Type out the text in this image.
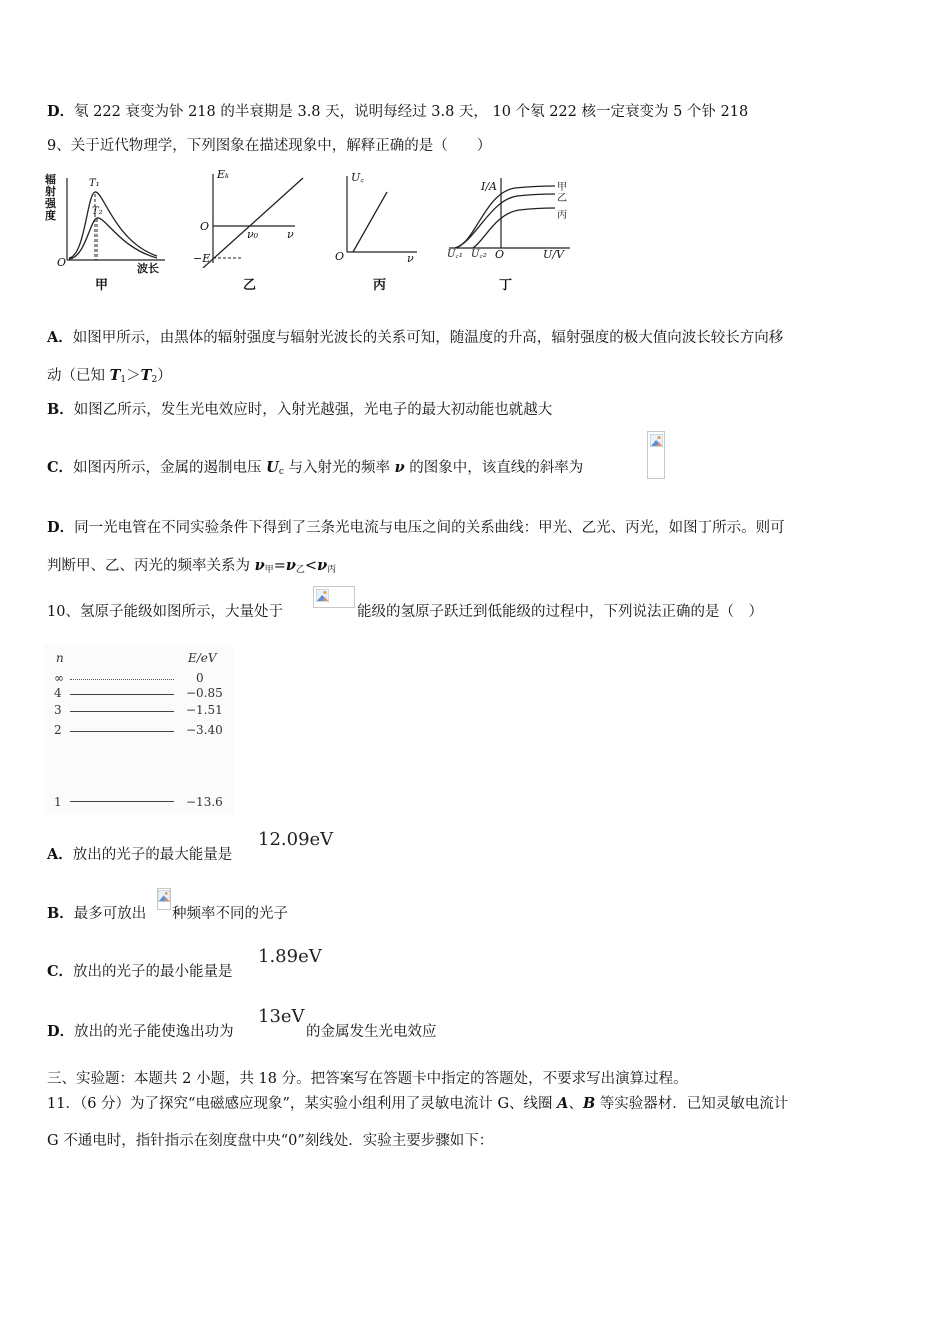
D．氡 222 衰变为钋 218 的半衰期是 3.8 天，说明每经过 3.8 天， 10 个氡 222 核一定衰变为 5 个钋 218
9、关于近代物理学，下列图象在描述现象中，解释正确的是（　　）
辐射强度
T₁
T₂
O	波长
甲
Eₖ
O
−E
ν₀	ν
乙
U꜀
O	ν
丙
I/A	甲
乙
丙
U꜀₁ U꜀₂ O	U/V
丁
A．如图甲所示，由黑体的辐射强度与辐射光波长的关系可知，随温度的升高，辐射强度的极大值向波长较长方向移
动（已知 $T_1>T_2$）
B．如图乙所示，发生光电效应时，入射光越强，光电子的最大初动能也就越大
C．如图丙所示，金属的遏制电压 $U_c$ 与入射光的频率 ν 的图象中，该直线的斜率为
D．同一光电管在不同实验条件下得到了三条光电流与电压之间的关系曲线：甲光、乙光、丙光，如图丁所示。则可
判断甲、乙、丙光的频率关系为 $\nu_甲=\nu_乙<\nu_丙$
10、氢原子能级如图所示，大量处于	能级的氢原子跃迁到低能级的过程中，下列说法正确的是（　）
n	E/eV
∞	0
4	−0.85
3	−1.51
2	−3.40
1	−13.6
A．放出的光子的最大能量是
12.09eV
B．最多可放出 种频率不同的光子
C．放出的光子的最小能量是
1.89eV
D．放出的光子能使逸出功为
13eV
的金属发生光电效应
三、实验题：本题共 2 小题，共 18 分。把答案写在答题卡中指定的答题处，不要求写出演算过程。
11．（6 分）为了探究“电磁感应现象”，某实验小组利用了灵敏电流计 G、线圈 A、B 等实验器材．已知灵敏电流计
G 不通电时，指针指示在刻度盘中央“0”刻线处．实验主要步骤如下：
